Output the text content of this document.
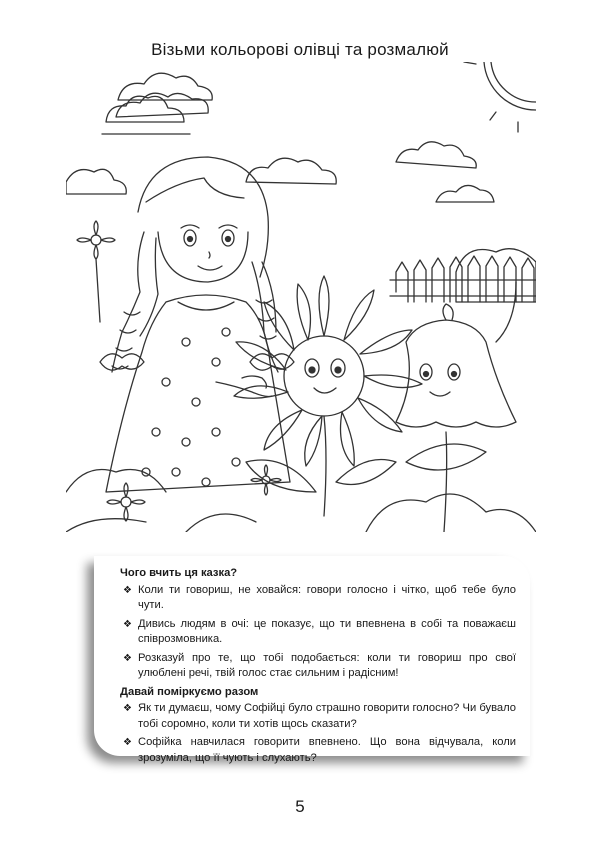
Візьми кольорові олівці та розмалюй
Чого вчить ця казка?
❖ Коли ти говориш, не ховайся: говори голосно і чітко, щоб тебе було чути.
❖ Дивись людям в очі: це показує, що ти впевнена в собі та поважаєш співрозмовника.
❖ Розказуй про те, що тобі подобається: коли ти говориш про свої улюблені речі, твій голос стає сильним і радісним!
Давай поміркуємо разом
❖ Як ти думаєш, чому Софійці було страшно говорити голосно? Чи бувало тобі соромно, коли ти хотів щось сказати?
❖ Софійка навчилася говорити впевнено. Що вона відчувала, коли зрозуміла, що її чують і слухають?
5
